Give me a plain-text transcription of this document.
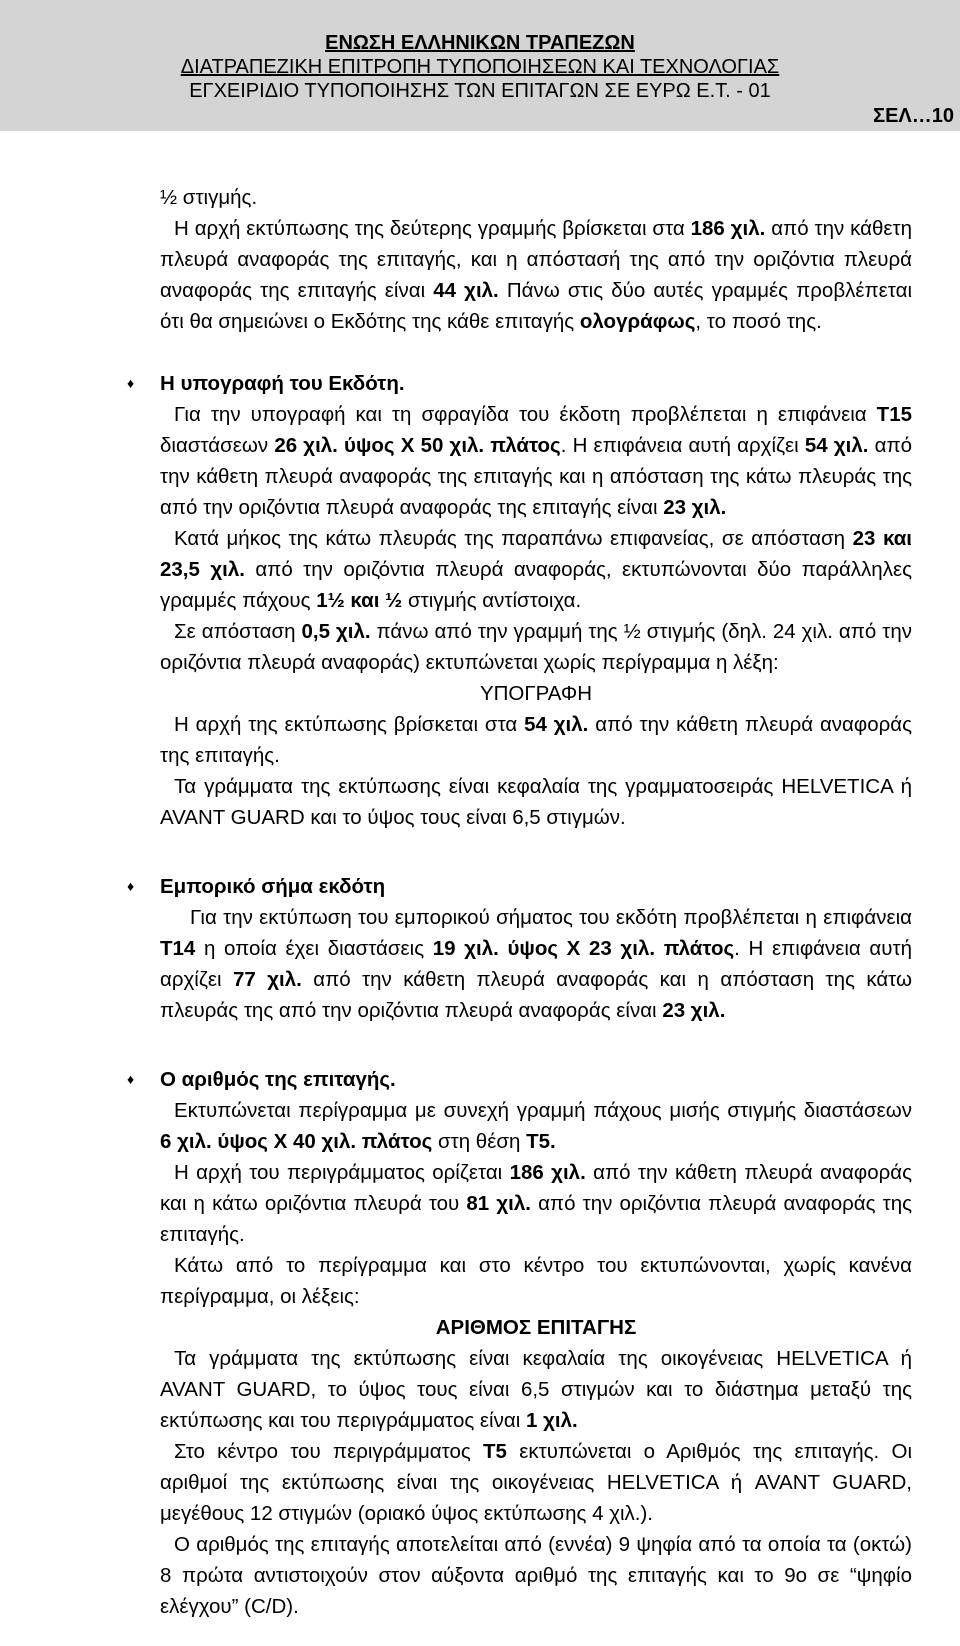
ΕΝΩΣΗ ΕΛΛΗΝΙΚΩΝ ΤΡΑΠΕΖΩΝ
ΔΙΑΤΡΑΠΕΖΙΚΗ ΕΠΙΤΡΟΠΗ ΤΥΠΟΠΟΙΗΣΕΩΝ ΚΑΙ ΤΕΧΝΟΛΟΓΙΑΣ
ΕΓΧΕΙΡΙΔΙΟ ΤΥΠΟΠΟΙΗΣΗΣ ΤΩΝ ΕΠΙΤΑΓΩΝ ΣΕ ΕΥΡΩ Ε.Τ. - 01
ΣΕΛ…10

½ στιγμής.

Η αρχή εκτύπωσης της δεύτερης γραμμής βρίσκεται στα 186 χιλ. από την κάθετη πλευρά αναφοράς της επιταγής, και η απόστασή της από την οριζόντια πλευρά αναφοράς της επιταγής είναι 44 χιλ. Πάνω στις δύο αυτές γραμμές προβλέπεται ότι θα σημειώνει ο Εκδότης της κάθε επιταγής ολογράφως, το ποσό της.

♦ Η υπογραφή του Εκδότη.

Για την υπογραφή και τη σφραγίδα του έκδοτη προβλέπεται η επιφάνεια Τ15 διαστάσεων 26 χιλ. ύψος Χ 50 χιλ. πλάτος. Η επιφάνεια αυτή αρχίζει 54 χιλ. από την κάθετη πλευρά αναφοράς της επιταγής και η απόσταση της κάτω πλευράς της από την οριζόντια πλευρά αναφοράς της επιταγής είναι 23 χιλ.

Κατά μήκος της κάτω πλευράς της παραπάνω επιφανείας, σε απόσταση 23 και 23,5 χιλ. από την οριζόντια πλευρά αναφοράς, εκτυπώνονται δύο παράλληλες γραμμές πάχους 1½ και ½ στιγμής αντίστοιχα.

Σε απόσταση 0,5 χιλ. πάνω από την γραμμή της ½ στιγμής (δηλ. 24 χιλ. από την οριζόντια πλευρά αναφοράς) εκτυπώνεται χωρίς περίγραμμα η λέξη:

ΥΠΟΓΡΑΦΗ

Η αρχή της εκτύπωσης βρίσκεται στα 54 χιλ. από την κάθετη πλευρά αναφοράς της επιταγής.

Τα γράμματα της εκτύπωσης είναι κεφαλαία της γραμματοσειράς HELVETICA ή AVANT GUARD και το ύψος τους είναι 6,5 στιγμών.

♦ Εμπορικό σήμα εκδότη

Για την εκτύπωση του εμπορικού σήματος του εκδότη προβλέπεται η επιφάνεια Τ14 η οποία έχει διαστάσεις 19 χιλ. ύψος Χ 23 χιλ. πλάτος. Η επιφάνεια αυτή αρχίζει 77 χιλ. από την κάθετη πλευρά αναφοράς και η απόσταση της κάτω πλευράς της από την οριζόντια πλευρά αναφοράς είναι 23 χιλ.

♦ Ο αριθμός της επιταγής.

Εκτυπώνεται περίγραμμα με συνεχή γραμμή πάχους μισής στιγμής διαστάσεων 6 χιλ. ύψος Χ 40 χιλ. πλάτος στη θέση Τ5.

Η αρχή του περιγράμματος ορίζεται 186 χιλ. από την κάθετη πλευρά αναφοράς και η κάτω οριζόντια πλευρά του 81 χιλ. από την οριζόντια πλευρά αναφοράς της επιταγής.

Κάτω από το περίγραμμα και στο κέντρο του εκτυπώνονται, χωρίς κανένα περίγραμμα, οι λέξεις:

ΑΡΙΘΜΟΣ ΕΠΙΤΑΓΗΣ

Τα γράμματα της εκτύπωσης είναι κεφαλαία της οικογένειας HELVETICA ή AVANT GUARD, το ύψος τους είναι 6,5 στιγμών και το διάστημα μεταξύ της εκτύπωσης και του περιγράμματος είναι 1 χιλ.

Στο κέντρο του περιγράμματος Τ5 εκτυπώνεται ο Αριθμός της επιταγής. Οι αριθμοί της εκτύπωσης είναι της οικογένειας HELVETICA ή AVANT GUARD, μεγέθους 12 στιγμών (οριακό ύψος εκτύπωσης 4 χιλ.).

Ο αριθμός της επιταγής αποτελείται από (εννέα) 9 ψηφία από τα οποία τα (οκτώ) 8 πρώτα αντιστοιχούν στον αύξοντα αριθμό της επιταγής και το 9ο σε “ψηφίο ελέγχου” (C/D).
